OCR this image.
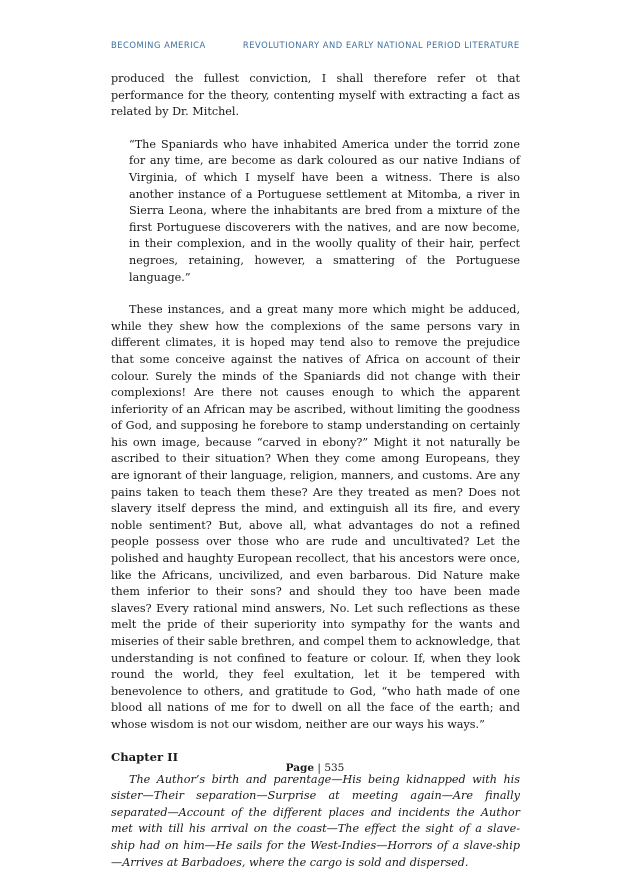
BECOMING AMERICA	REVOLUTIONARY AND EARLY NATIONAL PERIOD LITERATURE

produced the fullest conviction, I shall therefore refer ot that performance for the theory, contenting myself with extracting a fact as related by Dr. Mitchel.

“The Spaniards who have inhabited America under the torrid zone for any time, are become as dark coloured as our native Indians of Virginia, of which I myself have been a witness. There is also another instance of a Portuguese settlement at Mitomba, a river in Sierra Leona, where the inhabitants are bred from a mixture of the first Portuguese discoverers with the natives, and are now become, in their complexion, and in the woolly quality of their hair, perfect negroes, retaining, however, a smattering of the Portuguese language.”

These instances, and a great many more which might be adduced, while they shew how the complexions of the same persons vary in different climates, it is hoped may tend also to remove the prejudice that some conceive against the natives of Africa on account of their colour. Surely the minds of the Spaniards did not change with their complexions! Are there not causes enough to which the apparent inferiority of an African may be ascribed, without limiting the goodness of God, and supposing he forebore to stamp understanding on certainly his own image, because “carved in ebony?” Might it not naturally be ascribed to their situation? When they come among Europeans, they are ignorant of their language, religion, manners, and customs. Are any pains taken to teach them these? Are they treated as men? Does not slavery itself depress the mind, and extinguish all its fire, and every noble sentiment? But, above all, what advantages do not a refined people possess over those who are rude and uncultivated? Let the polished and haughty European recollect, that his ancestors were once, like the Africans, uncivilized, and even barbarous. Did Nature make them inferior to their sons? and should they too have been made slaves? Every rational mind answers, No. Let such reflections as these melt the pride of their superiority into sympathy for the wants and miseries of their sable brethren, and compel them to acknowledge, that understanding is not confined to feature or colour. If, when they look round the world, they feel exultation, let it be tempered with benevolence to others, and gratitude to God, “who hath made of one blood all nations of me for to dwell on all the face of the earth; and whose wisdom is not our wisdom, neither are our ways his ways.”

Chapter II

The Author’s birth and parentage—His being kidnapped with his sister—Their separation—Surprise at meeting again—Are finally separated—Account of the different places and incidents the Author met with till his arrival on the coast—The effect the sight of a slave-ship had on him—He sails for the West-Indies—Horrors of a slave-ship—Arrives at Barbadoes, where the cargo is sold and dispersed.

Page | 535
